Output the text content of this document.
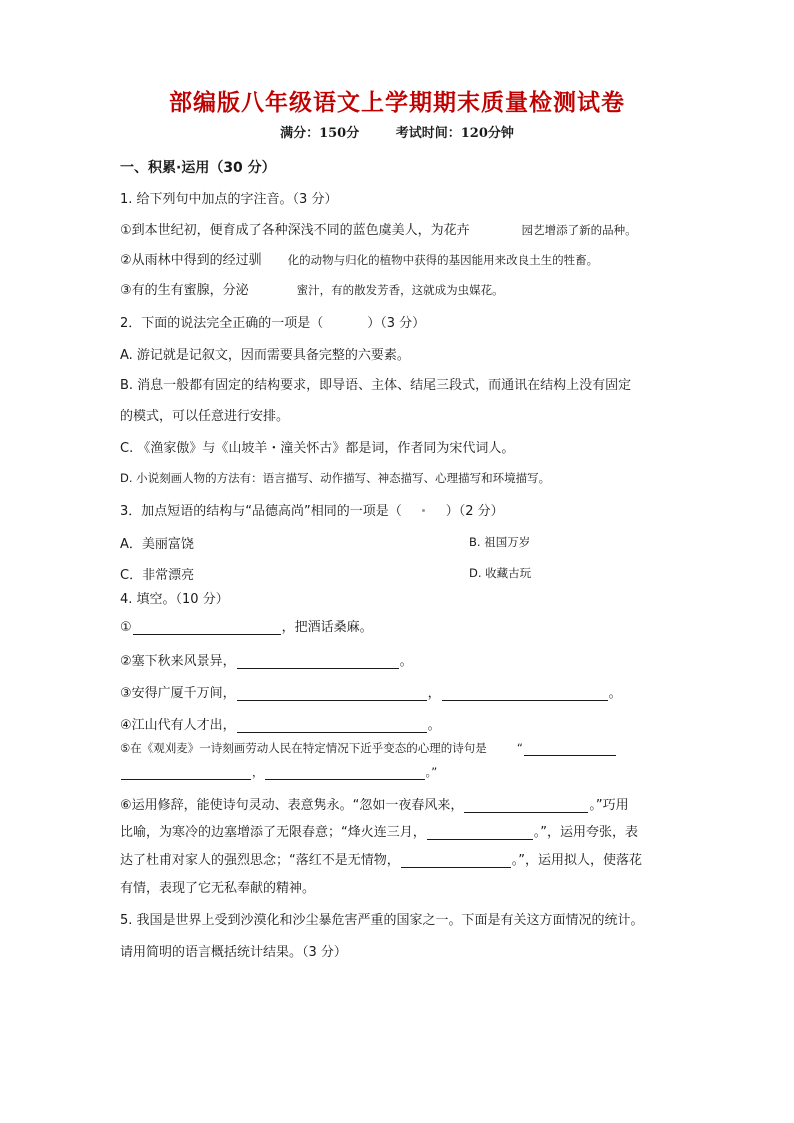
部编版八年级语文上学期期末质量检测试卷
满分：150分	考试时间：120分钟
一、积累·运用（30 分）
1. 给下列句中加点的字注音。（3 分）
①到本世纪初，便育成了各种深浅不同的蓝色虞美人，为花卉	园艺增添了新的品种。
②从雨林中得到的经过驯 化的动物与归化的植物中获得的基因能用来改良土生的牲畜。
③有的生有蜜腺，分泌	蜜汁，有的散发芳香，这就成为虫媒花。
2．下面的说法完全正确的一项是（	）（3 分）
A. 游记就是记叙文，因而需要具备完整的六要素。
B. 消息一般都有固定的结构要求，即导语、主体、结尾三段式，而通讯在结构上没有固定
的模式，可以任意进行安排。
C. 《渔家傲》与《山坡羊・潼关怀古》都是词，作者同为宋代词人。
D. 小说刻画人物的方法有：语言描写、动作描写、神态描写、心理描写和环境描写。
3．加点短语的结构与“品德高尚”相同的一项是（	）（2 分）
A．美丽富饶	B. 祖国万岁
C．非常漂亮	D. 收藏古玩
4. 填空。（10 分）
①	，把酒话桑麻。
②塞下秋来风景异，	。
③安得广厦千万间，	，	。
④江山代有人才出，	。
⑤在《观刈麦》一诗刻画劳动人民在特定情况下近乎变态的心理的诗句是	“
，	。”
⑥运用修辞，能使诗句灵动、表意隽永。“忽如一夜春风来，	。”巧用
比喻，为寒冷的边塞增添了无限春意；“烽火连三月，	。”，运用夸张，表
达了杜甫对家人的强烈思念；“落红不是无情物，	。”，运用拟人，使落花
有情，表现了它无私奉献的精神。
5. 我国是世界上受到沙漠化和沙尘暴危害严重的国家之一。下面是有关这方面情况的统计。
请用简明的语言概括统计结果。（3 分）
